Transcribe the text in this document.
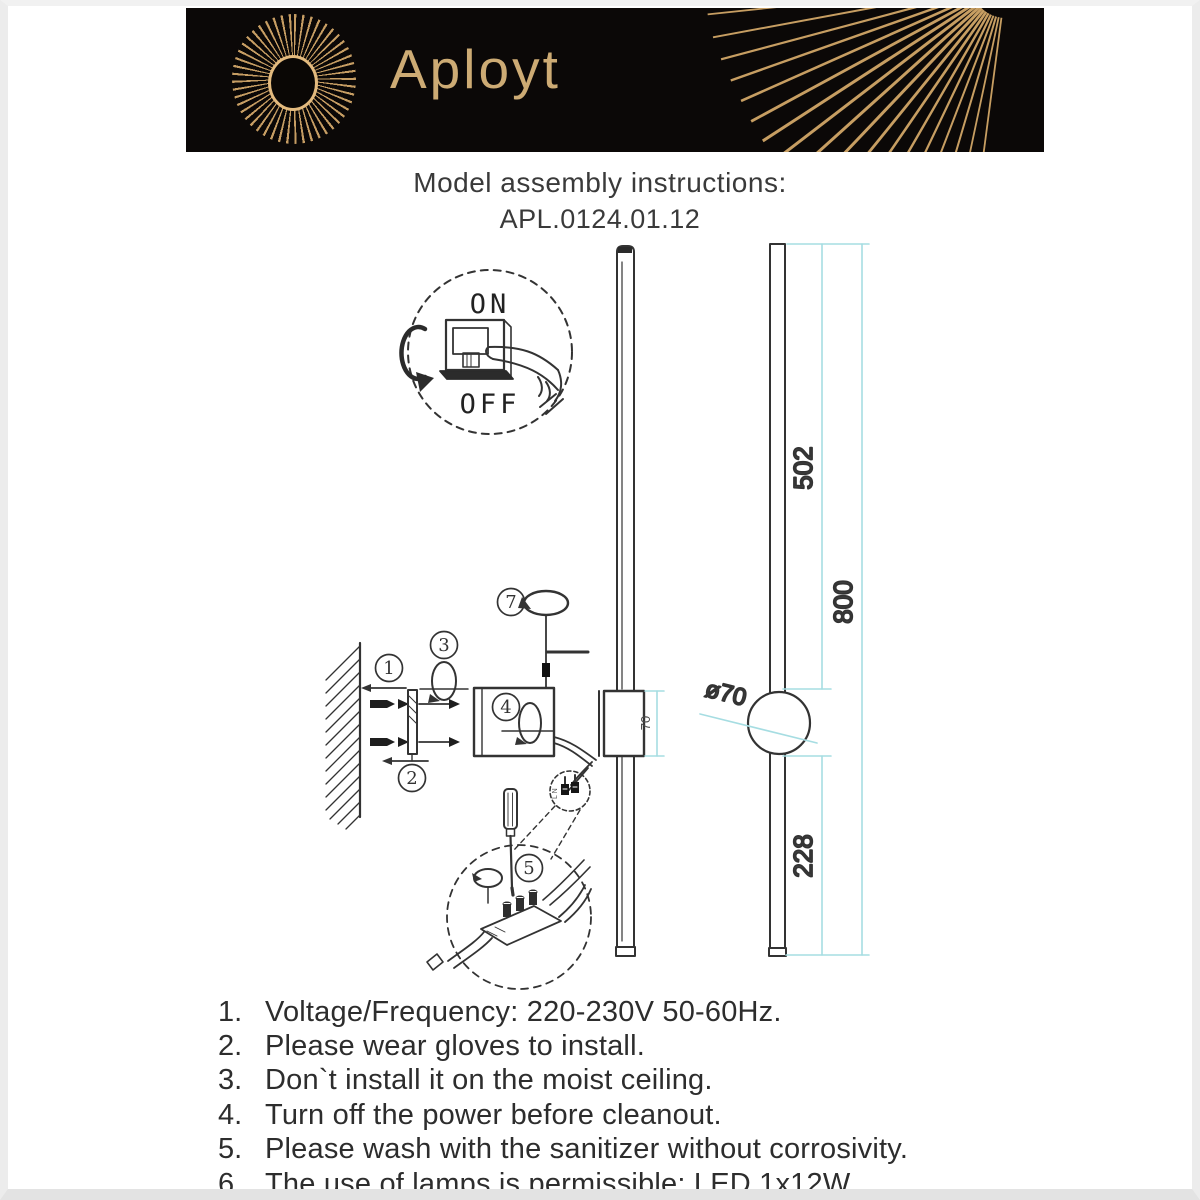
Aployt
Model assembly instructions:
APL.0124.01.12
ON
OFF
1
2
3
4
7
70
L N
5
502
800
228
ø70
1. Voltage/Frequency: 220-230V 50-60Hz.
2. Please wear gloves to install.
3. Don`t install it on the moist ceiling.
4. Turn off the power before cleanout.
5. Please wash with the sanitizer without corrosivity.
6. The use of lamps is permissible: LED 1x12W.
